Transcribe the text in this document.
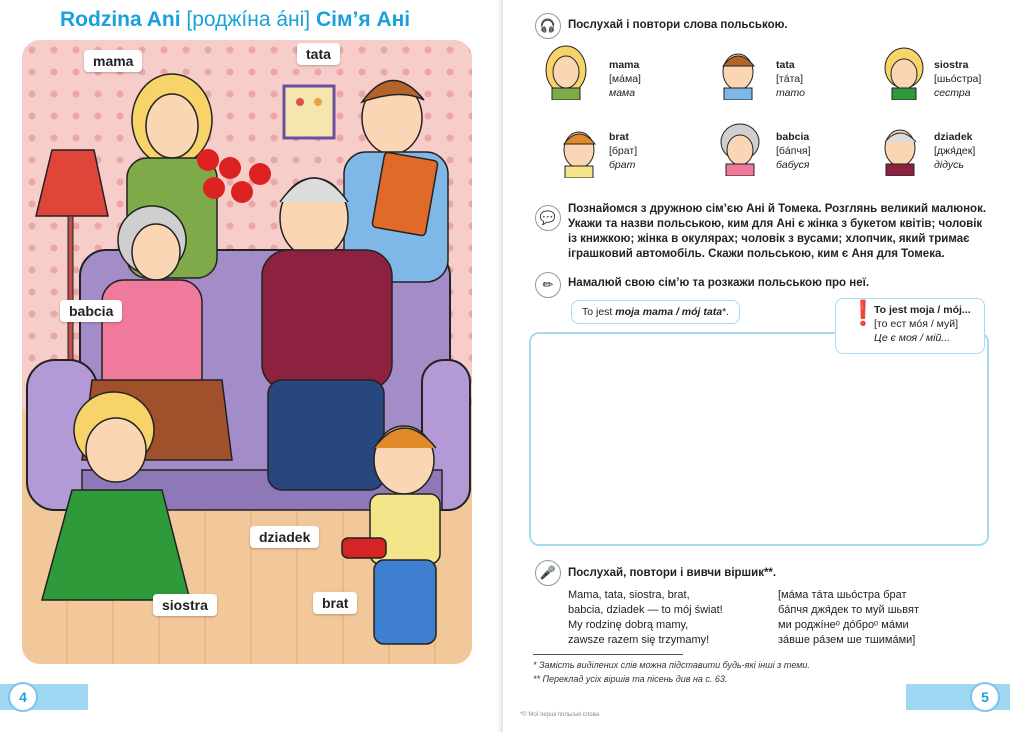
Rodzina Ani [роджíна áні] Сім’я Ані
mama	tata
babcia
dziadek
siostra	brat
4
🎧	Послухай і повтори слова польською.
mama
[мáма]
мама
tata
[тáта]
тато
siostra
[шьóстра]
сестра
brat
[брат]
брат
babcia
[бáпчя]
бабуся
dziadek
[джя́дек]
дідусь
💬
Познайомся з дружною сім’єю Ані й Томека. Розглянь великий малюнок. Укажи та назви польською, ким для Ані є жінка з букетом квітів; чоловік із книжкою; жінка в окулярах; чоловік з вусами; хлопчик, який тримає іграшковий автомобіль. Скажи польською, ким є Аня для Томека.
✏	Намалюй свою сім’ю та розкажи польською про неї.
To jest moja mama / mój tata*.	❗
To jest moja / mój...
[то ест мóя / муй]
Це є моя / мій...
🎤	Послухай, повтори і вивчи віршик**.
Mama, tata, siostra, brat,
babcia, dziadek — to mój świat!
My rodzinę dobrą mamy,
zawsze razem się trzymamy!
[мáма тáта шьóстра брат
бáпчя джя́дек то муй шьвят
ми роджíнеᵒ дóброᵒ мáми
зáвше рáзем ше тшимáми]
* Замість виділених слів можна підставити будь-які інші з теми.
** Переклад усіх віршів та пісень див на с. 63.
*© Мої перші польські слова
5
